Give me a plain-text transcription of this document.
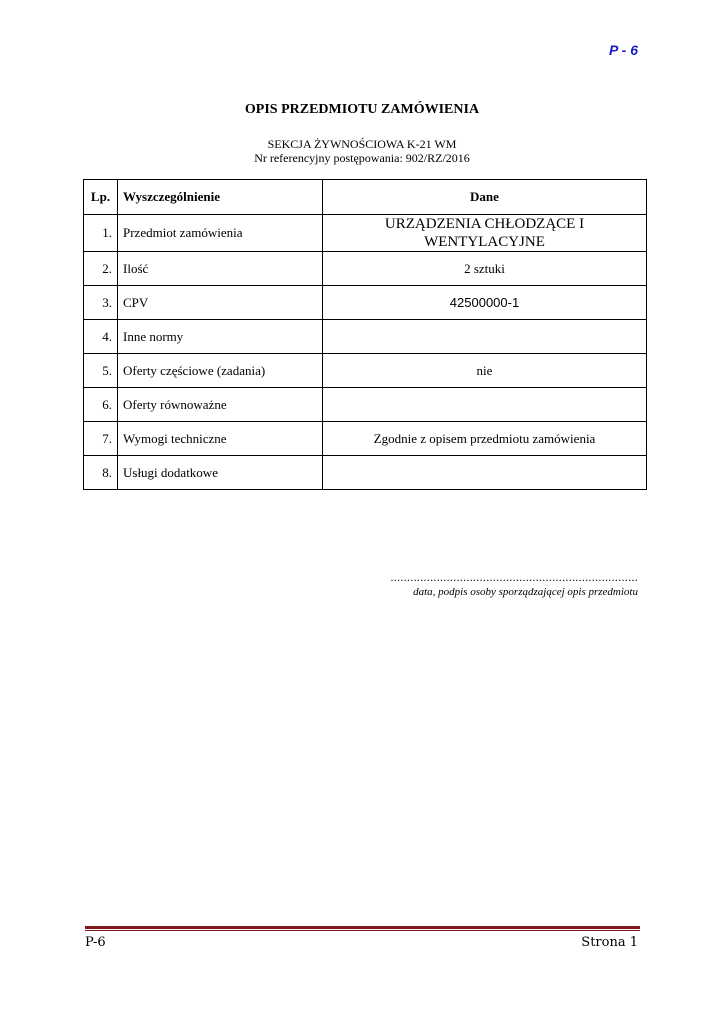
P - 6
OPIS PRZEDMIOTU ZAMÓWIENIA
SEKCJA ŻYWNOŚCIOWA K-21 WM
Nr referencyjny postępowania: 902/RZ/2016
Lp.	Wyszczególnienie	Dane
1.	Przedmiot zamówienia	URZĄDZENIA CHŁODZĄCE I WENTYLACYJNE
2.	Ilość	2 sztuki
3.	CPV	42500000-1
4.	Inne normy	
5.	Oferty częściowe (zadania)	nie
6.	Oferty równoważne	
7.	Wymogi techniczne	Zgodnie z opisem przedmiotu zamówienia
8.	Usługi dodatkowe	
...........................................................................
data, podpis osoby sporządzającej opis przedmiotu
P-6	Strona 1
